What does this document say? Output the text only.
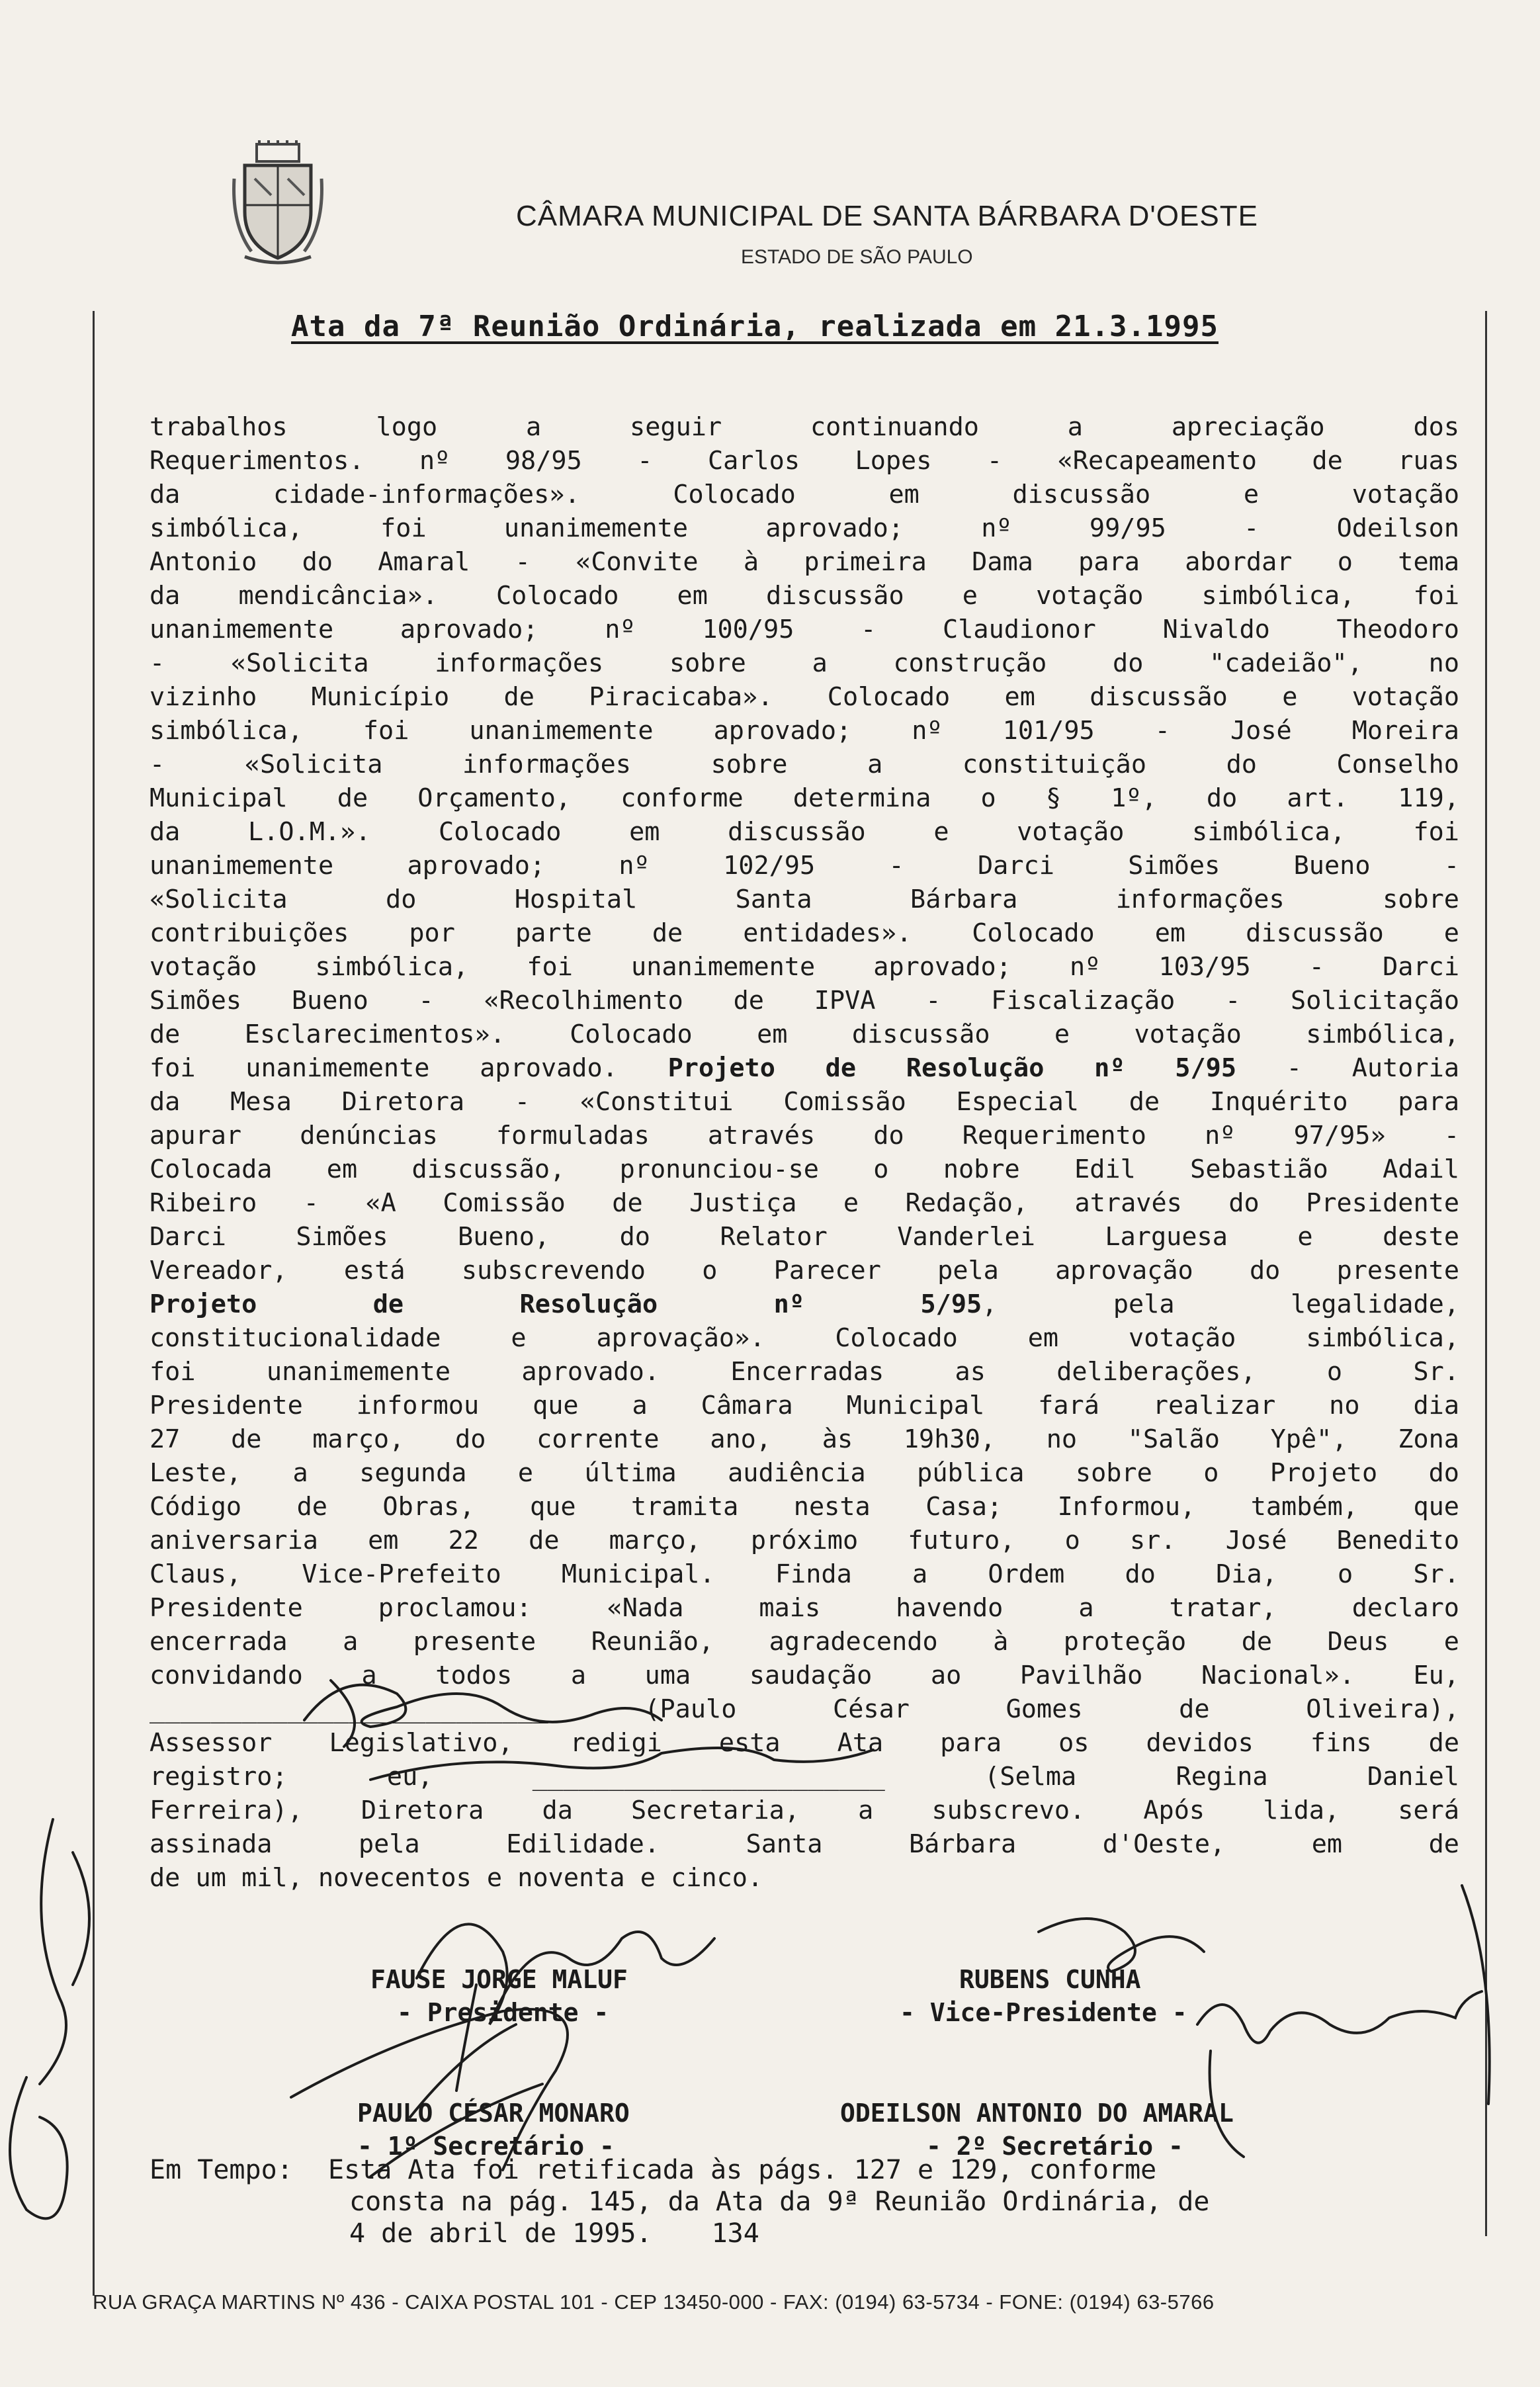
CÂMARA MUNICIPAL DE SANTA BÁRBARA D'OESTE
ESTADO DE SÃO PAULO
Ata da 7ª Reunião Ordinária, realizada em 21.3.1995
trabalhos logo a seguir continuando a apreciação dos
Requerimentos. nº 98/95 - Carlos Lopes - «Recapeamento de ruas
da cidade-informações». Colocado em discussão e votação
simbólica, foi unanimemente aprovado; nº 99/95 - Odeilson
Antonio do Amaral - «Convite à primeira Dama para abordar o tema
da mendicância». Colocado em discussão e votação simbólica, foi
unanimemente aprovado; nº 100/95 - Claudionor Nivaldo Theodoro
- «Solicita informações sobre a construção do "cadeião", no
vizinho Município de Piracicaba». Colocado em discussão e votação
simbólica, foi unanimemente aprovado; nº 101/95 - José Moreira
- «Solicita informações sobre a constituição do Conselho
Municipal de Orçamento, conforme determina o § 1º, do art. 119,
da L.O.M.». Colocado em discussão e votação simbólica, foi
unanimemente aprovado; nº 102/95 - Darci Simões Bueno -
«Solicita do Hospital Santa Bárbara informações sobre
contribuições por parte de entidades». Colocado em discussão e
votação simbólica, foi unanimemente aprovado; nº 103/95 - Darci
Simões Bueno - «Recolhimento de IPVA - Fiscalização - Solicitação
de Esclarecimentos». Colocado em discussão e votação simbólica,
foi unanimemente aprovado. Projeto de Resolução nº 5/95 - Autoria
da Mesa Diretora - «Constitui Comissão Especial de Inquérito para
apurar denúncias formuladas através do Requerimento nº 97/95» -
Colocada em discussão, pronunciou-se o nobre Edil Sebastião Adail
Ribeiro - «A Comissão de Justiça e Redação, através do Presidente
Darci Simões Bueno, do Relator Vanderlei Larguesa e deste
Vereador, está subscrevendo o Parecer pela aprovação do presente
Projeto de Resolução nº 5/95, pela legalidade,
constitucionalidade e aprovação». Colocado em votação simbólica,
foi unanimemente aprovado. Encerradas as deliberações, o Sr.
Presidente informou que a Câmara Municipal fará realizar no dia
27 de março, do corrente ano, às 19h30, no "Salão Ypê", Zona
Leste, a segunda e última audiência pública sobre o Projeto do
Código de Obras, que tramita nesta Casa; Informou, também, que
aniversaria em 22 de março, próximo futuro, o sr. José Benedito
Claus, Vice-Prefeito Municipal. Finda a Ordem do Dia, o Sr.
Presidente proclamou: «Nada mais havendo a tratar, declaro
encerrada a presente Reunião, agradecendo à proteção de Deus e
convidando a todos a uma saudação ao Pavilhão Nacional». Eu,
__________________________ (Paulo César Gomes de Oliveira),
Assessor Legislativo, redigi esta Ata para os devidos fins de
registro; eu, _______________________ (Selma Regina Daniel
Ferreira), Diretora da Secretaria, a subscrevo. Após lida, será
assinada pela Edilidade. Santa Bárbara d'Oeste, em de
de um mil, novecentos e noventa e cinco.
FAUSE JORGE MALUF
- Presidente -
RUBENS CUNHA
- Vice-Presidente -
PAULO CÉSAR MONARO
- 1º Secretário -
ODEILSON ANTONIO DO AMARAL
- 2º Secretário -
Em Tempo: Esta Ata foi retificada às págs. 127 e 129, conforme
consta na pág. 145, da Ata da 9ª Reunião Ordinária, de
4 de abril de 1995. 134
RUA GRAÇA MARTINS Nº 436 - CAIXA POSTAL 101 - CEP 13450-000 - FAX: (0194) 63-5734 - FONE: (0194) 63-5766
